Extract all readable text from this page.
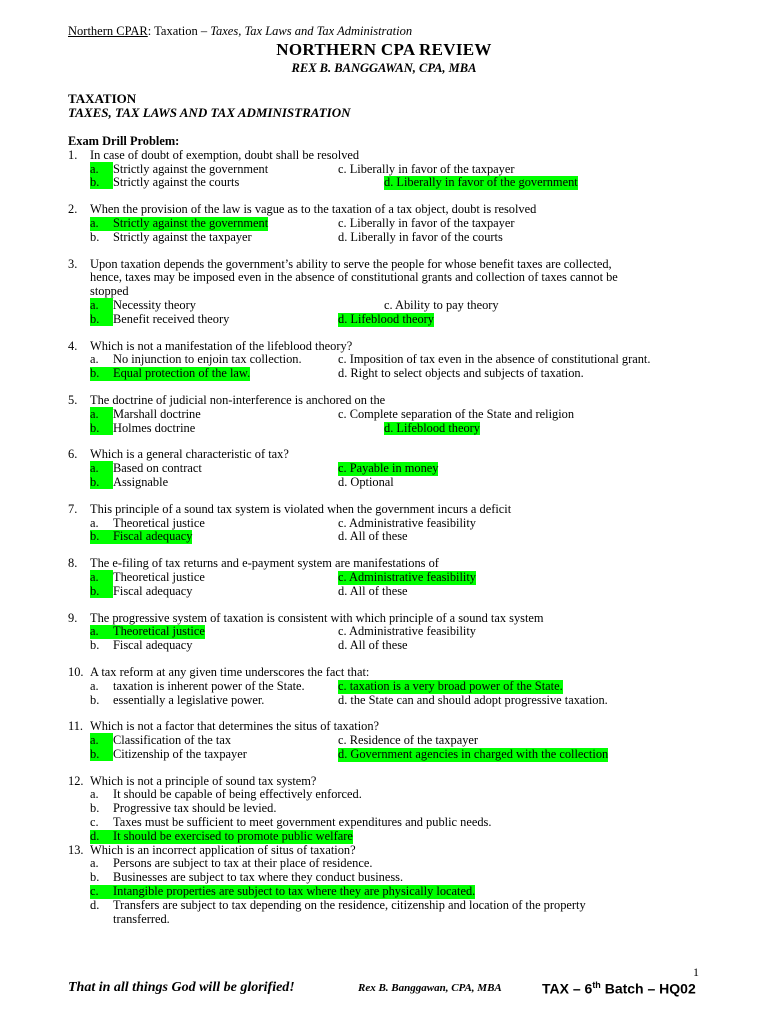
Northern CPAR: Taxation – Taxes, Tax Laws and Tax Administration
NORTHERN CPA REVIEW
REX B. BANGGAWAN, CPA, MBA
TAXATION
TAXES, TAX LAWS AND TAX ADMINISTRATION
Exam Drill Problem:
1. In case of doubt of exemption, doubt shall be resolved
a. Strictly against the government	c. Liberally in favor of the taxpayer
b. Strictly against the courts	d. Liberally in favor of the government
2. When the provision of the law is vague as to the taxation of a tax object, doubt is resolved
a. Strictly against the government	c. Liberally in favor of the taxpayer
b. Strictly against the taxpayer	d. Liberally in favor of the courts
3. Upon taxation depends the government’s ability to serve the people for whose benefit taxes are collected,
hence, taxes may be imposed even in the absence of constitutional grants and collection of taxes cannot be
stopped
a. Necessity theory	c. Ability to pay theory
b. Benefit received theory	d. Lifeblood theory
4. Which is not a manifestation of the lifeblood theory?
a. No injunction to enjoin tax collection.	c. Imposition of tax even in the absence of constitutional grant.
b. Equal protection of the law.	d. Right to select objects and subjects of taxation.
5. The doctrine of judicial non-interference is anchored on the
a. Marshall doctrine	c. Complete separation of the State and religion
b. Holmes doctrine	d. Lifeblood theory
6. Which is a general characteristic of tax?
a. Based on contract	c. Payable in money
b. Assignable	d. Optional
7. This principle of a sound tax system is violated when the government incurs a deficit
a. Theoretical justice	c. Administrative feasibility
b. Fiscal adequacy	d. All of these
8. The e-filing of tax returns and e-payment system are manifestations of
a. Theoretical justice	c. Administrative feasibility
b. Fiscal adequacy	d. All of these
9. The progressive system of taxation is consistent with which principle of a sound tax system
a. Theoretical justice	c. Administrative feasibility
b. Fiscal adequacy	d. All of these
10. A tax reform at any given time underscores the fact that:
a. taxation is inherent power of the State.	c. taxation is a very broad power of the State.
b. essentially a legislative power.	d. the State can and should adopt progressive taxation.
11. Which is not a factor that determines the situs of taxation?
a. Classification of the tax	c. Residence of the taxpayer
b. Citizenship of the taxpayer	d. Government agencies in charged with the collection
12. Which is not a principle of sound tax system?
a. It should be capable of being effectively enforced.
b. Progressive tax should be levied.
c. Taxes must be sufficient to meet government expenditures and public needs.
d. It should be exercised to promote public welfare
13. Which is an incorrect application of situs of taxation?
a. Persons are subject to tax at their place of residence.
b. Businesses are subject to tax where they conduct business.
c. Intangible properties are subject to tax where they are physically located.
d. Transfers are subject to tax depending on the residence, citizenship and location of the property
transferred.
1
That in all things God will be glorified!	Rex B. Banggawan, CPA, MBA	TAX – 6th Batch – HQ02
